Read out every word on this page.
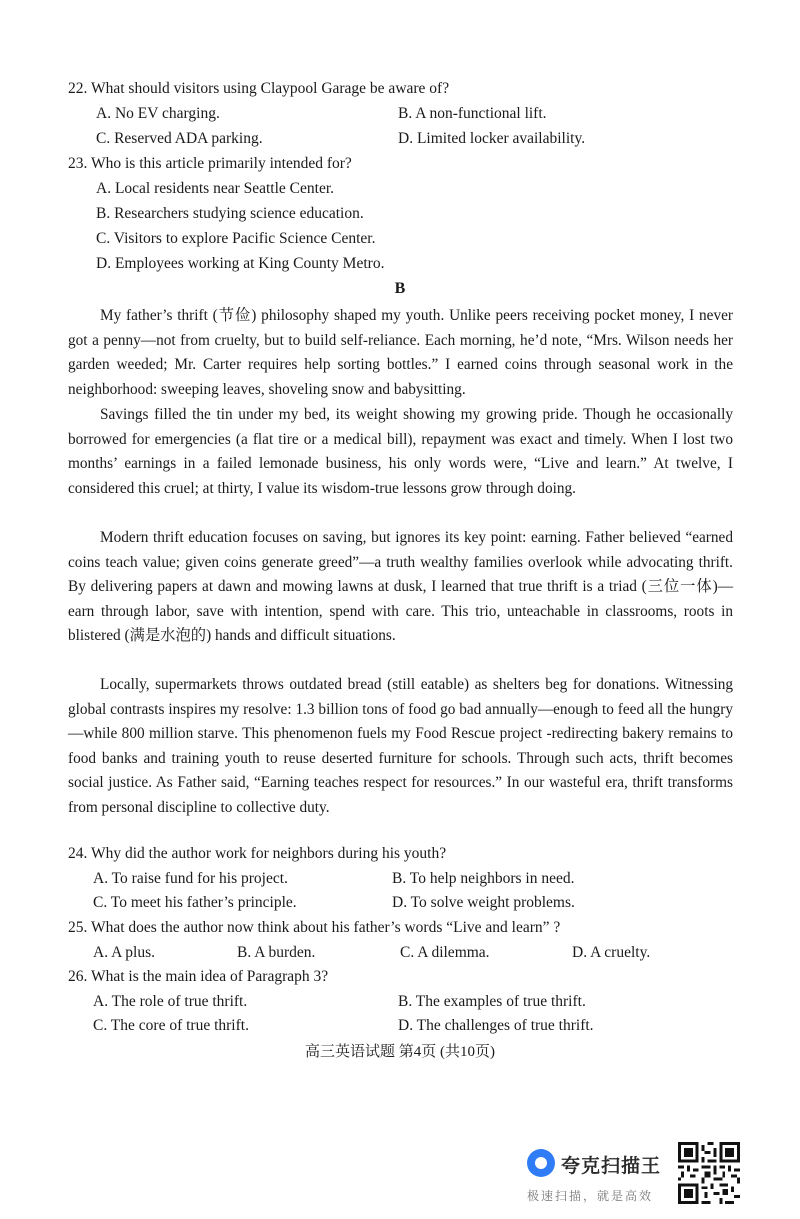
22. What should visitors using Claypool Garage be aware of?
A. No EV charging.	B. A non-functional lift.
C. Reserved ADA parking.	D. Limited locker availability.
23. Who is this article primarily intended for?
A. Local residents near Seattle Center.
B. Researchers studying science education.
C. Visitors to explore Pacific Science Center.
D. Employees working at King County Metro.
B
My father’s thrift (节俭) philosophy shaped my youth. Unlike peers receiving pocket money, I never got a penny—not from cruelty, but to build self-reliance. Each morning, he’d note, “Mrs. Wilson needs her garden weeded; Mr. Carter requires help sorting bottles.” I earned coins through seasonal work in the neighborhood: sweeping leaves, shoveling snow and babysitting.
Savings filled the tin under my bed, its weight showing my growing pride. Though he occasionally borrowed for emergencies (a flat tire or a medical bill), repayment was exact and timely. When I lost two months’ earnings in a failed lemonade business, his only words were, “Live and learn.” At twelve, I considered this cruel; at thirty, I value its wisdom-true lessons grow through doing.
Modern thrift education focuses on saving, but ignores its key point: earning. Father believed “earned coins teach value; given coins generate greed”—a truth wealthy families overlook while advocating thrift. By delivering papers at dawn and mowing lawns at dusk, I learned that true thrift is a triad (三位一体)—earn through labor, save with intention, spend with care. This trio, unteachable in classrooms, roots in blistered (满是水泡的) hands and difficult situations.
Locally, supermarkets throws outdated bread (still eatable) as shelters beg for donations. Witnessing global contrasts inspires my resolve: 1.3 billion tons of food go bad annually—enough to feed all the hungry—while 800 million starve. This phenomenon fuels my Food Rescue project -redirecting bakery remains to food banks and training youth to reuse deserted furniture for schools. Through such acts, thrift becomes social justice. As Father said, “Earning teaches respect for resources.” In our wasteful era, thrift transforms from personal discipline to collective duty.
24. Why did the author work for neighbors during his youth?
A. To raise fund for his project.	B. To help neighbors in need.
C. To meet his father’s principle.	D. To solve weight problems.
25. What does the author now think about his father’s words “Live and learn” ?
A. A plus.	B. A burden.	C. A dilemma.	D. A cruelty.
26. What is the main idea of Paragraph 3?
A. The role of true thrift.	B. The examples of true thrift.
C. The core of true thrift.	D. The challenges of true thrift.
高三英语试题 第4页 (共10页)
夸克扫描王
极速扫描，就是高效
